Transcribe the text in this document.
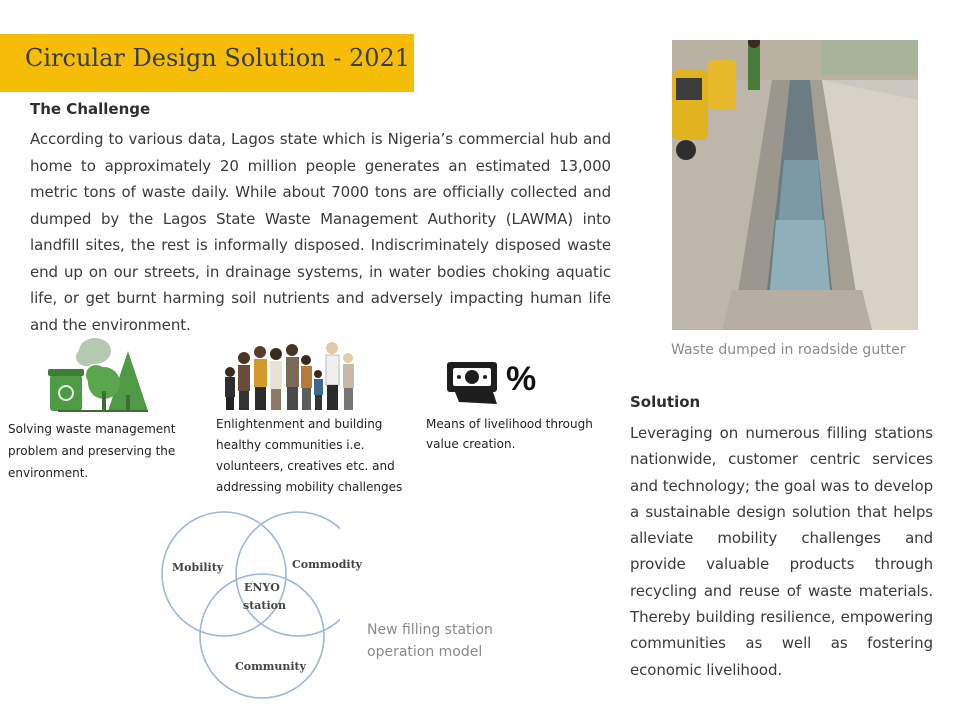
Circular Design Solution - 2021
The Challenge
According to various data, Lagos state which is Nigeria’s commercial hub and home to approximately 20 million people generates an estimated 13,000 metric tons of waste daily. While about 7000 tons are officially collected and dumped by the Lagos State Waste Management Authority (LAWMA) into landfill sites, the rest is informally disposed. Indiscriminately disposed waste end up on our streets, in drainage systems, in water bodies choking aquatic life, or get burnt harming soil nutrients and adversely impacting human life and the environment.
Waste dumped in roadside gutter
Solving waste management problem and preserving the environment.
Enlightenment and building healthy communities i.e. volunteers, creatives etc. and addressing mobility challenges
%
Means of livelihood through value creation.
Mobility	Commodity
Community
ENYO
station
New filling station operation model
Solution
Leveraging on numerous filling stations nationwide, customer centric services and technology; the goal was to develop a sustainable design solution that helps alleviate mobility challenges and provide valuable products through recycling and reuse of waste materials. Thereby building resilience, empowering communities as well as fostering economic livelihood.
